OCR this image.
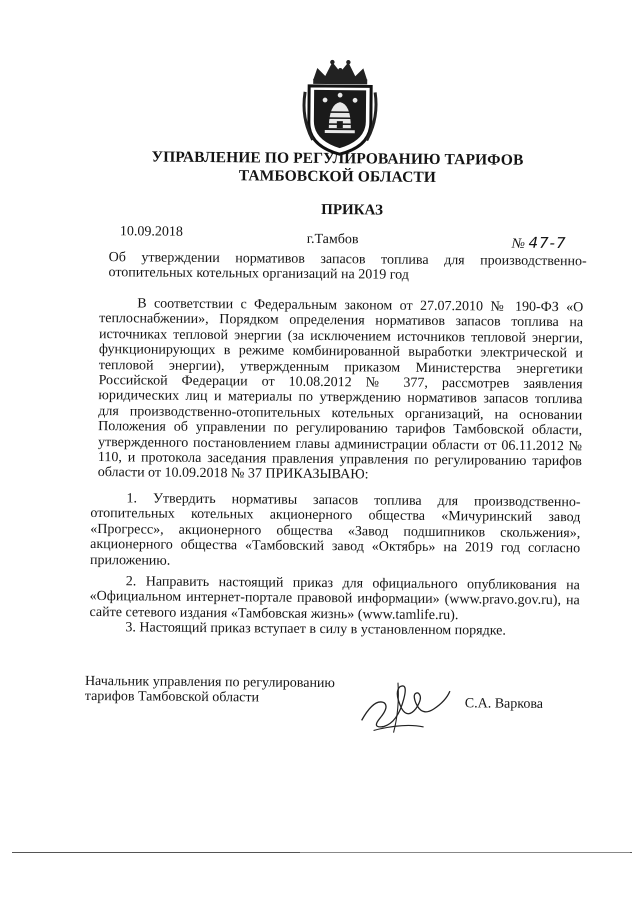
УПРАВЛЕНИЕ ПО РЕГУЛИРОВАНИЮ ТАРИФОВ
ТАМБОВСКОЙ ОБЛАСТИ
ПРИКАЗ
10.09.2018	г.Тамбов	№ 47-7
Об утверждении нормативов запасов топлива для производственно-
отопительных котельных организаций на 2019 год

В соответствии с Федеральным законом от 27.07.2010 № 190-ФЗ «О теплоснабжении», Порядком определения нормативов запасов топлива на источниках тепловой энергии (за исключением источников тепловой энергии, функционирующих в режиме комбинированной выработки электрической и тепловой энергии), утвержденным приказом Министерства энергетики Российской Федерации от 10.08.2012 № 377, рассмотрев заявления юридических лиц и материалы по утверждению нормативов запасов топлива для производственно-отопительных котельных организаций, на основании Положения об управлении по регулированию тарифов Тамбовской области, утвержденного постановлением главы администрации области от 06.11.2012 № 110, и протокола заседания правления управления по регулированию тарифов области от 10.09.2018 № 37 ПРИКАЗЫВАЮ:

1. Утвердить нормативы запасов топлива для производственно-отопительных котельных акционерного общества «Мичуринский завод «Прогресс», акционерного общества «Завод подшипников скольжения», акционерного общества «Тамбовский завод «Октябрь» на 2019 год согласно приложению.

2. Направить настоящий приказ для официального опубликования на «Официальном интернет-портале правовой информации» (www.pravo.gov.ru), на сайте сетевого издания «Тамбовская жизнь» (www.tamlife.ru).

3. Настоящий приказ вступает в силу в установленном порядке.

Начальник управления по регулированию
тарифов Тамбовской области	С.А. Варкова
